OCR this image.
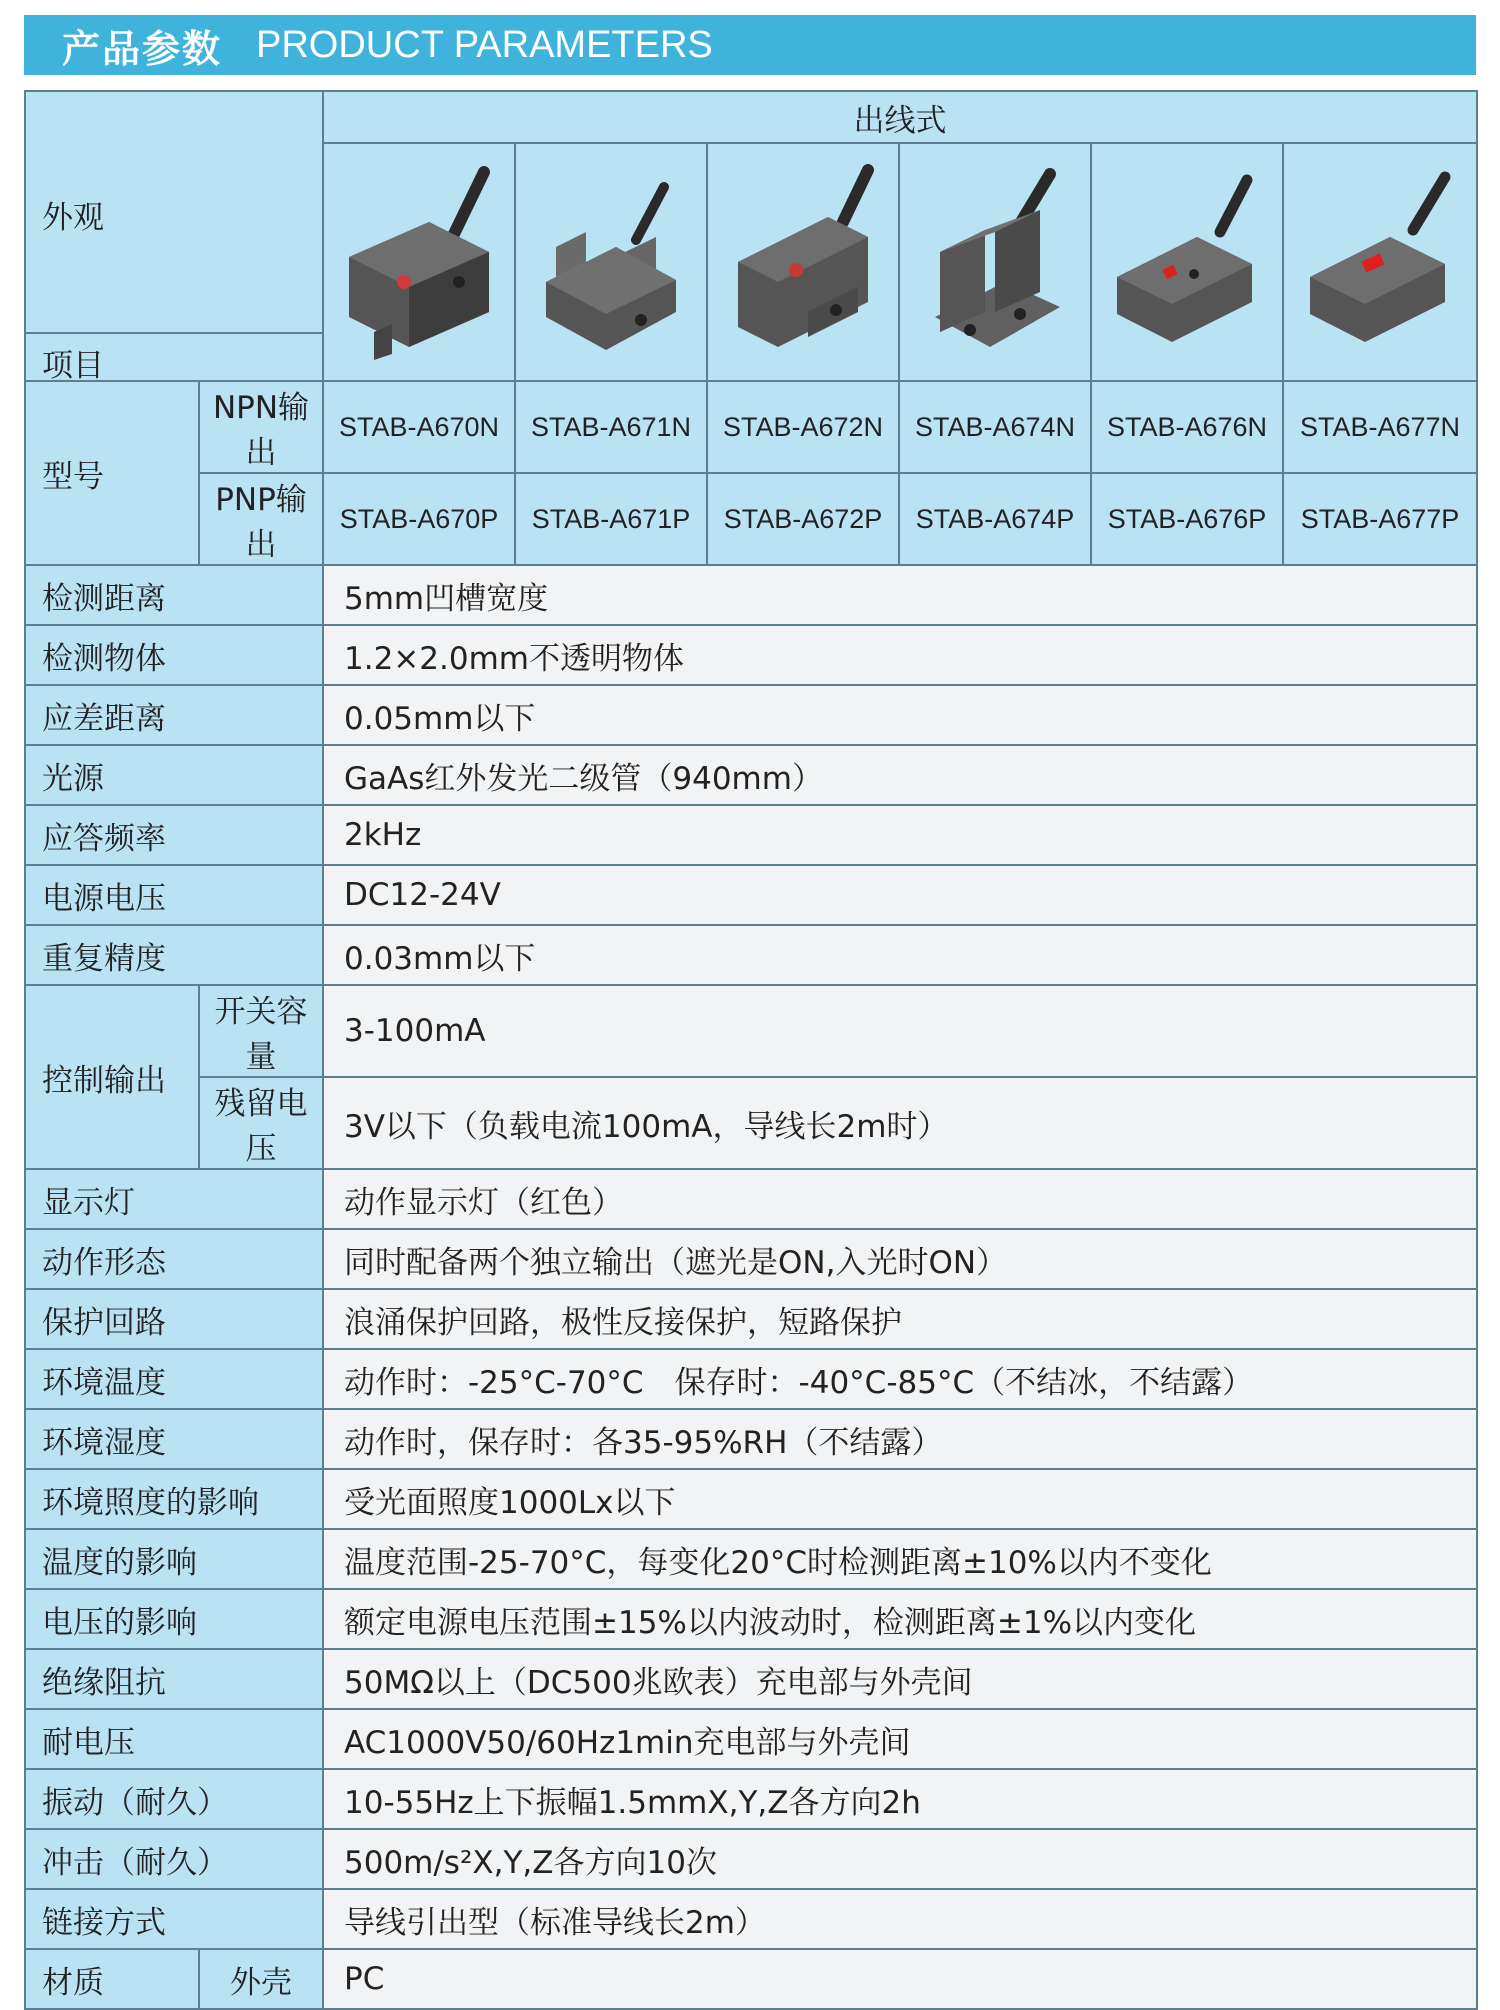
产品参数 PRODUCT PARAMETERS
外观
项目		出线式					

型号	NPN输出	STAB-A670N	STAB-A671N	STAB-A672N	STAB-A674N	STAB-A676N	STAB-A677N
	PNP输出	STAB-A670P	STAB-A671P	STAB-A672P	STAB-A674P	STAB-A676P	STAB-A677P
检测距离		5mm凹槽宽度					
检测物体		1.2×2.0mm不透明物体					
应差距离		0.05mm以下					
光源		GaAs红外发光二级管（940mm）					
应答频率		2kHz					
电源电压		DC12-24V					
重复精度		0.03mm以下					
控制输出	开关容量	3-100mA					
	残留电压	3V以下（负载电流100mA，导线长2m时）					
显示灯		动作显示灯（红色）					
动作形态		同时配备两个独立输出（遮光是ON,入光时ON）					
保护回路		浪涌保护回路，极性反接保护，短路保护					
环境温度		动作时：-25°C-70°C　保存时：-40°C-85°C（不结冰，不结露）					
环境湿度		动作时，保存时：各35-95%RH（不结露）					
环境照度的影响		受光面照度1000Lx以下					
温度的影响		温度范围-25-70°C，每变化20°C时检测距离±10%以内不变化					
电压的影响		额定电源电压范围±15%以内波动时，检测距离±1%以内变化					
绝缘阻抗		50MΩ以上（DC500兆欧表）充电部与外壳间					
耐电压		AC1000V50/60Hz1min充电部与外壳间					
振动（耐久）		10-55Hz上下振幅1.5mmX,Y,Z各方向2h					
冲击（耐久）		500m/s²X,Y,Z各方向10次					
链接方式		导线引出型（标准导线长2m）					
材质	外壳	PC					
